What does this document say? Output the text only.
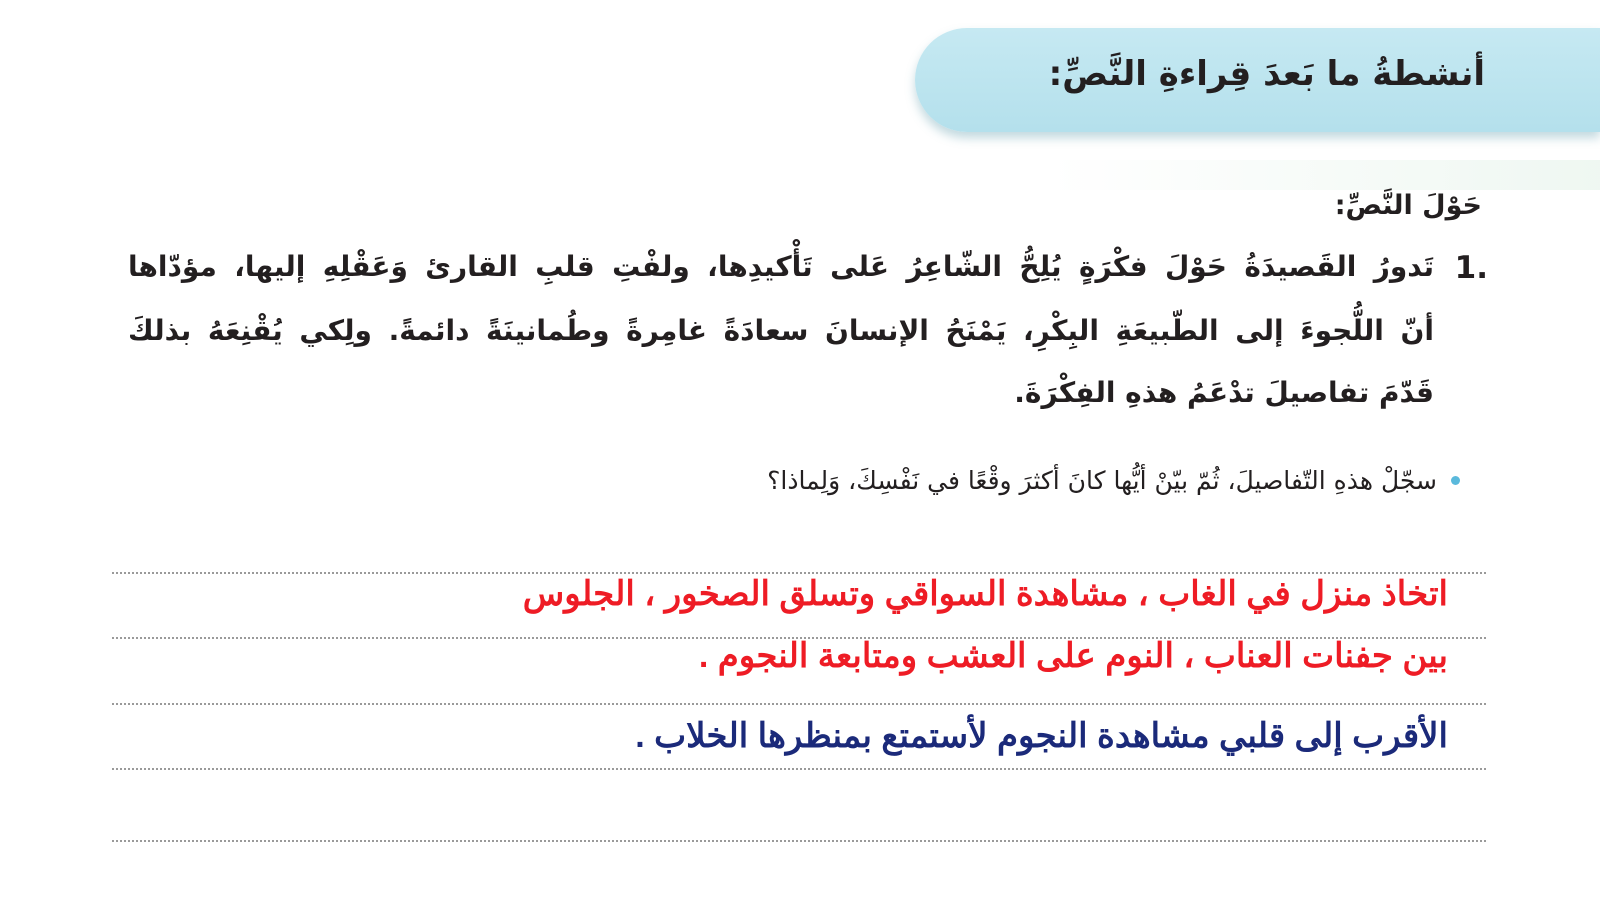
أنشطةُ ما بَعدَ قِراءةِ النَّصِّ:
حَوْلَ النَّصِّ:
1.
تَدورُ القَصيدَةُ حَوْلَ فكْرَةٍ يُلِحُّ الشّاعِرُ عَلى تَأْكيدِها، ولفْتِ قلبِ القارئ وَعَقْلِهِ إليها، مؤدّاها
أنّ اللُّجوءَ إلى الطّبيعَةِ البِكْرِ، يَمْنَحُ الإنسانَ سعادَةً غامِرةً وطُمانينَةً دائمةً. ولِكي يُقْنِعَهُ بذلكَ
قَدّمَ تفاصيلَ تدْعَمُ هذهِ الفِكْرَةَ.
سجّلْ هذهِ التّفاصيلَ، ثُمّ بيّنْ أيُّها كانَ أكثرَ وقْعًا في نَفْسِكَ، وَلِماذا؟
اتخاذ منزل في الغاب ، مشاهدة السواقي وتسلق الصخور ، الجلوس
بين جفنات العناب ، النوم على العشب ومتابعة النجوم .
الأقرب إلى قلبي مشاهدة النجوم لأستمتع بمنظرها الخلاب .
